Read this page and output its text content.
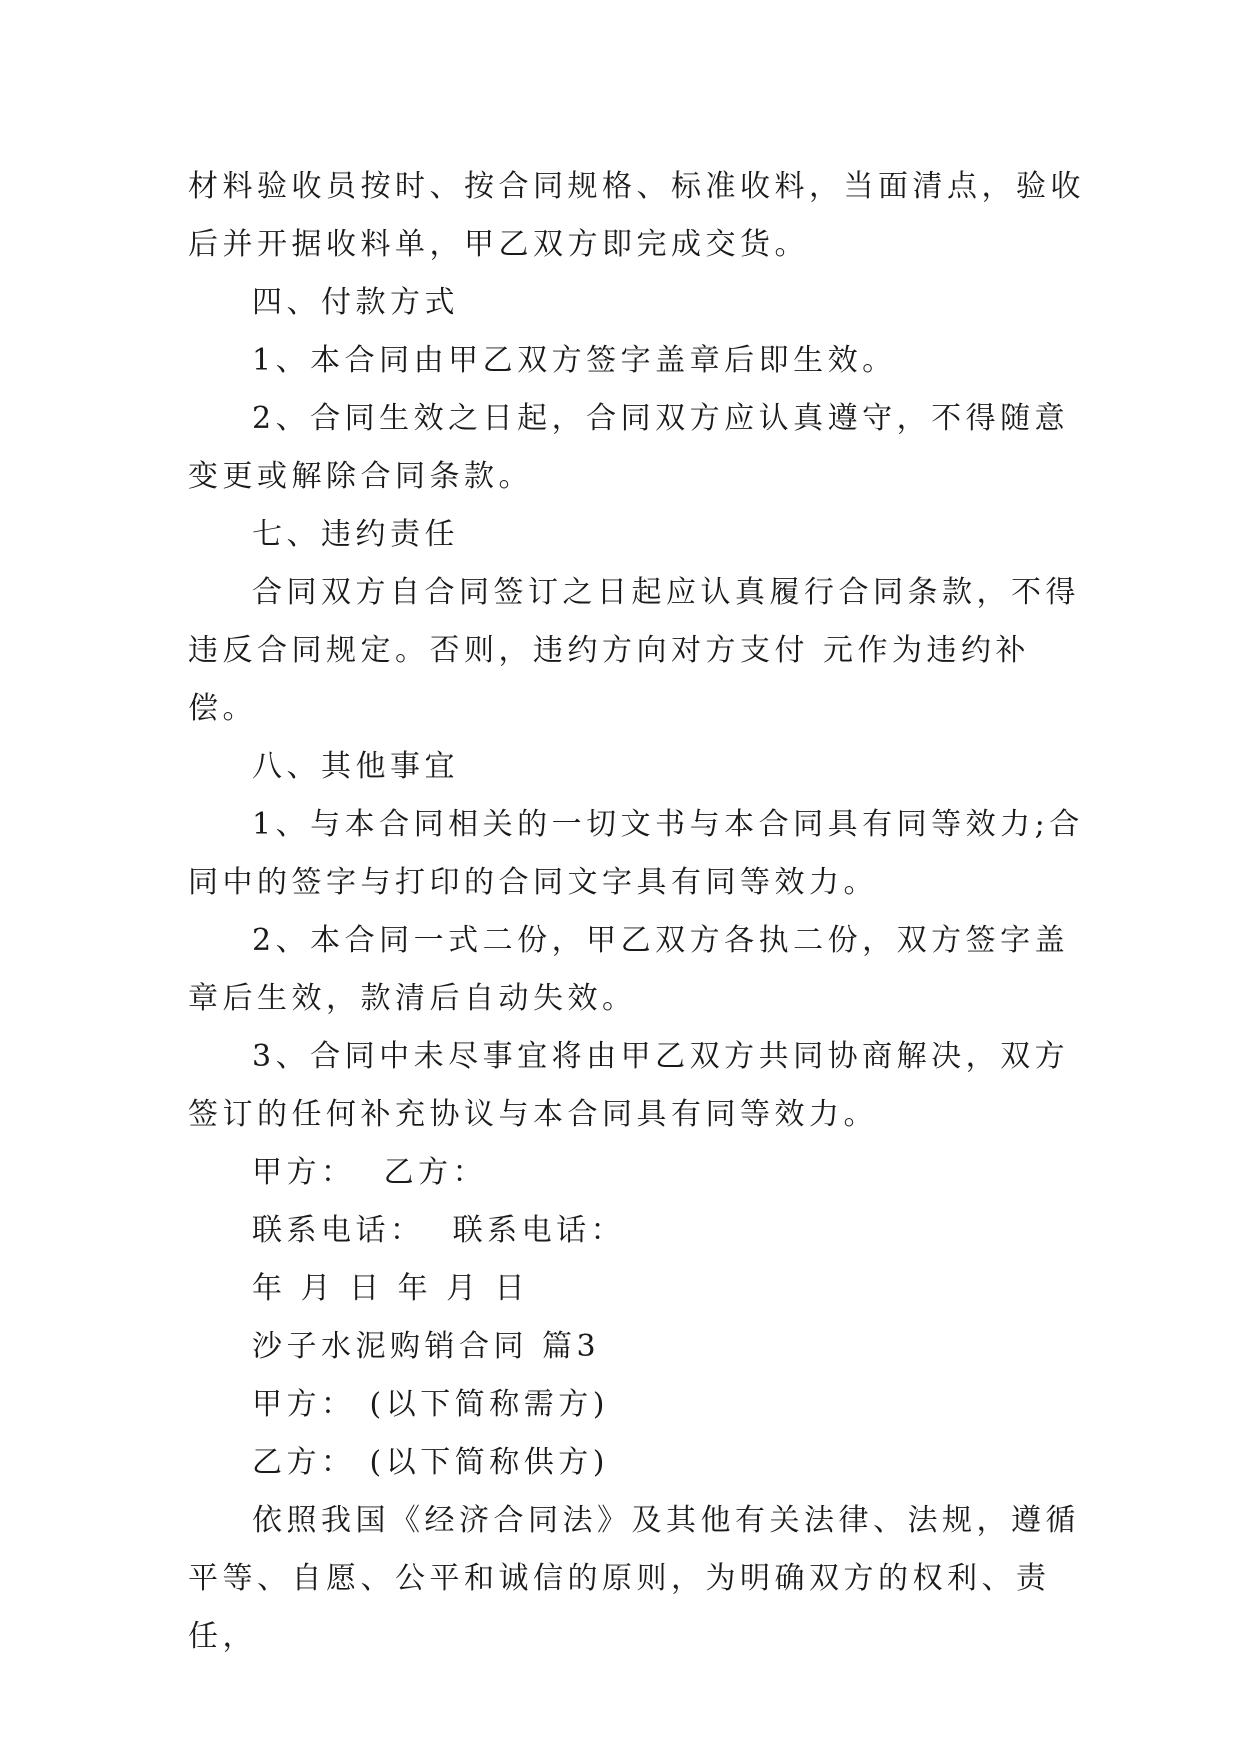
材料验收员按时、按合同规格、标准收料，当面清点，验收后并开据收料单，甲乙双方即完成交货。

四、付款方式

1、本合同由甲乙双方签字盖章后即生效。

2、合同生效之日起，合同双方应认真遵守，不得随意变更或解除合同条款。

七、违约责任

合同双方自合同签订之日起应认真履行合同条款，不得违反合同规定。否则，违约方向对方支付 元作为违约补偿。

八、其他事宜

1、与本合同相关的一切文书与本合同具有同等效力;合同中的签字与打印的合同文字具有同等效力。

2、本合同一式二份，甲乙双方各执二份，双方签字盖章后生效，款清后自动失效。

3、合同中未尽事宜将由甲乙双方共同协商解决，双方签订的任何补充协议与本合同具有同等效力。

甲方：  乙方：

联系电话：  联系电话：

年 月 日 年 月 日

沙子水泥购销合同 篇3

甲方： (以下简称需方)

乙方： (以下简称供方)

依照我国《经济合同法》及其他有关法律、法规，遵循平等、自愿、公平和诚信的原则，为明确双方的权利、责任，
